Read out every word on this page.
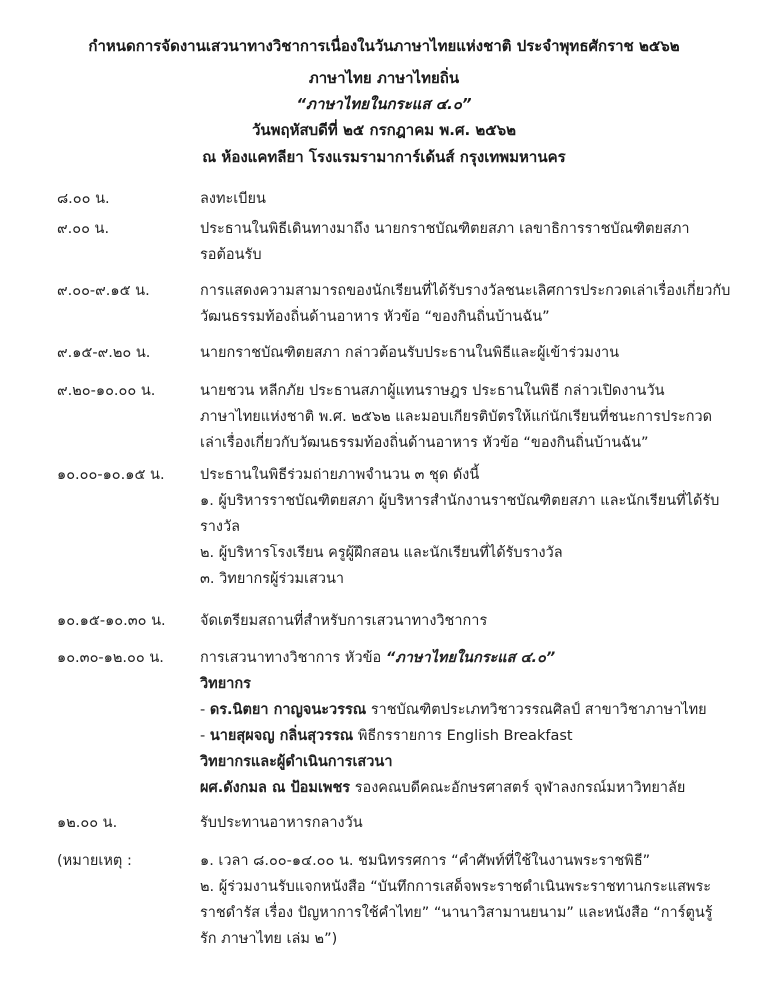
กำหนดการจัดงานเสวนาทางวิชาการเนื่องในวันภาษาไทยแห่งชาติ ประจำพุทธศักราช ๒๕๖๒
ภาษาไทย ภาษาไทยถิ่น
“ภาษาไทยในกระแส ๔.๐”
วันพฤหัสบดีที่ ๒๕ กรกฎาคม พ.ศ. ๒๕๖๒
ณ ห้องแคทลียา โรงแรมรามาการ์เด้นส์ กรุงเทพมหานคร
๘.๐๐ น.	ลงทะเบียน
๙.๐๐ น.	ประธานในพิธีเดินทางมาถึง นายกราชบัณฑิตยสภา เลขาธิการราชบัณฑิตยสภา
รอต้อนรับ
๙.๐๐-๙.๑๕ น.	การแสดงความสามารถของนักเรียนที่ได้รับรางวัลชนะเลิศการประกวดเล่าเรื่องเกี่ยวกับ
วัฒนธรรมท้องถิ่นด้านอาหาร หัวข้อ “ของกินถิ่นบ้านฉัน”
๙.๑๕-๙.๒๐ น.	นายกราชบัณฑิตยสภา กล่าวต้อนรับประธานในพิธีและผู้เข้าร่วมงาน
๙.๒๐-๑๐.๐๐ น.	นายชวน หลีกภัย ประธานสภาผู้แทนราษฎร ประธานในพิธี กล่าวเปิดงานวัน
ภาษาไทยแห่งชาติ พ.ศ. ๒๕๖๒ และมอบเกียรติบัตรให้แก่นักเรียนที่ชนะการประกวด
เล่าเรื่องเกี่ยวกับวัฒนธรรมท้องถิ่นด้านอาหาร หัวข้อ “ของกินถิ่นบ้านฉัน”
๑๐.๐๐-๑๐.๑๕ น. ประธานในพิธีร่วมถ่ายภาพจำนวน ๓ ชุด ดังนี้
๑. ผู้บริหารราชบัณฑิตยสภา ผู้บริหารสำนักงานราชบัณฑิตยสภา และนักเรียนที่ได้รับ
รางวัล
๒. ผู้บริหารโรงเรียน ครูผู้ฝึกสอน และนักเรียนที่ได้รับรางวัล
๓. วิทยากรผู้ร่วมเสวนา
๑๐.๑๕-๑๐.๓๐ น. จัดเตรียมสถานที่สำหรับการเสวนาทางวิชาการ
๑๐.๓๐-๑๒.๐๐ น. การเสวนาทางวิชาการ หัวข้อ “ภาษาไทยในกระแส ๔.๐”
วิทยากร
- ดร.นิตยา กาญจนะวรรณ ราชบัณฑิตประเภทวิชาวรรณศิลป์ สาขาวิชาภาษาไทย
- นายสุผจญ กลิ่นสุวรรณ พิธีกรรายการ English Breakfast
วิทยากรและผู้ดำเนินการเสวนา
ผศ.ดังกมล ณ ป้อมเพชร รองคณบดีคณะอักษรศาสตร์ จุฬาลงกรณ์มหาวิทยาลัย
๑๒.๐๐ น.	รับประทานอาหารกลางวัน
(หมายเหตุ :	๑. เวลา ๘.๐๐-๑๔.๐๐ น. ชมนิทรรศการ “คำศัพท์ที่ใช้ในงานพระราชพิธี”
๒. ผู้ร่วมงานรับแจกหนังสือ “บันทึกการเสด็จพระราชดำเนินพระราชทานกระแสพระ
ราชดำรัส เรื่อง ปัญหาการใช้คำไทย” “นานาวิสามานยนาม” และหนังสือ “การ์ตูนรู้
รัก ภาษาไทย เล่ม ๒”)
